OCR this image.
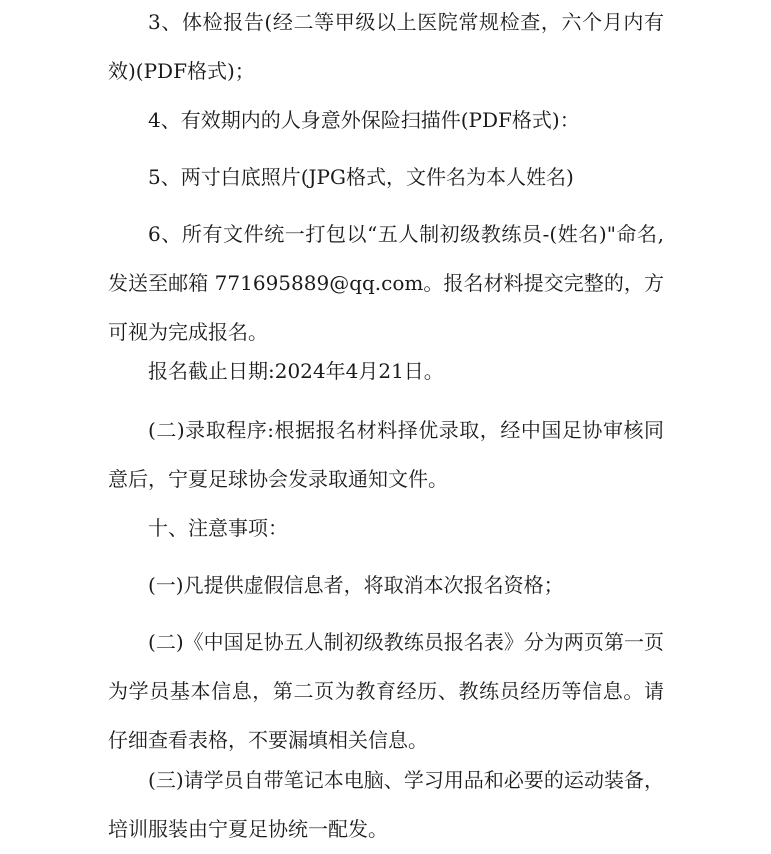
3、体检报告(经二等甲级以上医院常规检查，六个月内有效)(PDF格式)；
4、有效期内的人身意外保险扫描件(PDF格式)：
5、两寸白底照片(JPG格式，文件名为本人姓名)
6、所有文件统一打包以“五人制初级教练员-(姓名)"命名,发送至邮箱 771695889@qq.com。报名材料提交完整的，方可视为完成报名。
报名截止日期:2024年4月21日。
(二)录取程序:根据报名材料择优录取，经中国足协审核同意后，宁夏足球协会发录取通知文件。
十、注意事项：
(一)凡提供虚假信息者，将取消本次报名资格；
(二)《中国足协五人制初级教练员报名表》分为两页第一页为学员基本信息，第二页为教育经历、教练员经历等信息。请仔细查看表格，不要漏填相关信息。
(三)请学员自带笔记本电脑、学习用品和必要的运动装备，培训服装由宁夏足协统一配发。
